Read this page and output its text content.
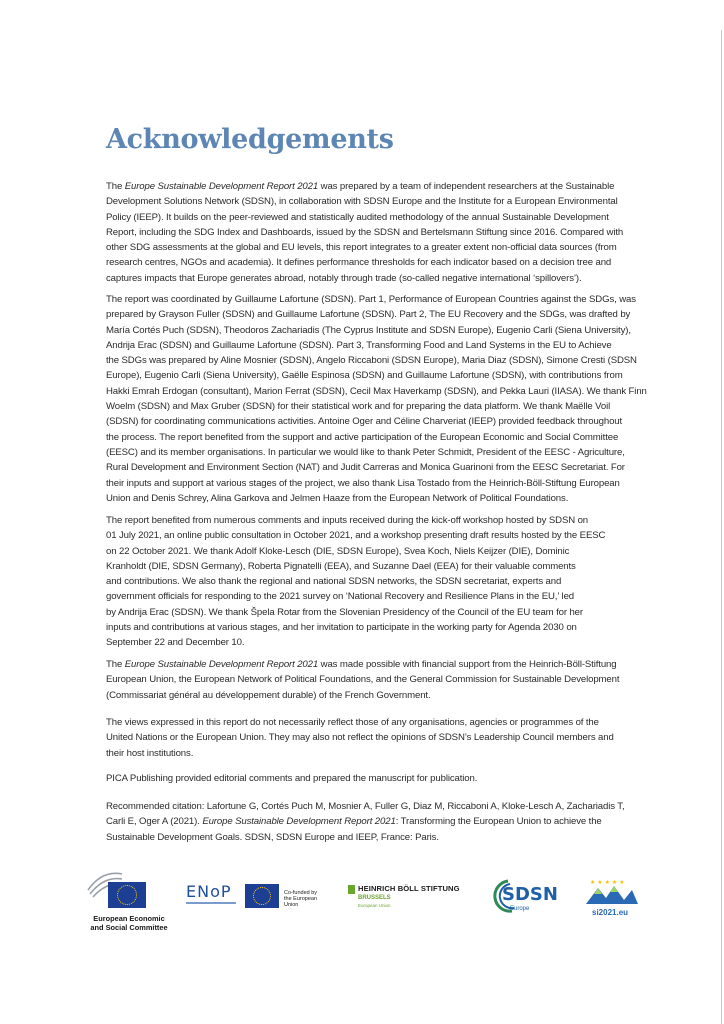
Acknowledgements
The Europe Sustainable Development Report 2021 was prepared by a team of independent researchers at the Sustainable
Development Solutions Network (SDSN), in collaboration with SDSN Europe and the Institute for a European Environmental
Policy (IEEP). It builds on the peer-reviewed and statistically audited methodology of the annual Sustainable Development
Report, including the SDG Index and Dashboards, issued by the SDSN and Bertelsmann Stiftung since 2016. Compared with
other SDG assessments at the global and EU levels, this report integrates to a greater extent non-official data sources (from
research centres, NGOs and academia). It defines performance thresholds for each indicator based on a decision tree and
captures impacts that Europe generates abroad, notably through trade (so-called negative international ‘spillovers’).
The report was coordinated by Guillaume Lafortune (SDSN). Part 1, Performance of European Countries against the SDGs, was
prepared by Grayson Fuller (SDSN) and Guillaume Lafortune (SDSN). Part 2, The EU Recovery and the SDGs, was drafted by
María Cortés Puch (SDSN), Theodoros Zachariadis (The Cyprus Institute and SDSN Europe), Eugenio Carli (Siena University),
Andrija Erac (SDSN) and Guillaume Lafortune (SDSN). Part 3, Transforming Food and Land Systems in the EU to Achieve
the SDGs was prepared by Aline Mosnier (SDSN), Angelo Riccaboni (SDSN Europe), Maria Diaz (SDSN), Simone Cresti (SDSN
Europe), Eugenio Carli (Siena University), Gaëlle Espinosa (SDSN) and Guillaume Lafortune (SDSN), with contributions from
Hakki Emrah Erdogan (consultant), Marion Ferrat (SDSN), Cecil Max Haverkamp (SDSN), and Pekka Lauri (IIASA). We thank Finn
Woelm (SDSN) and Max Gruber (SDSN) for their statistical work and for preparing the data platform. We thank Maëlle Voil
(SDSN) for coordinating communications activities. Antoine Oger and Céline Charveriat (IEEP) provided feedback throughout
the process. The report benefited from the support and active participation of the European Economic and Social Committee
(EESC) and its member organisations. In particular we would like to thank Peter Schmidt, President of the EESC - Agriculture,
Rural Development and Environment Section (NAT) and Judit Carreras and Monica Guarinoni from the EESC Secretariat. For
their inputs and support at various stages of the project, we also thank Lisa Tostado from the Heinrich-Böll-Stiftung European
Union and Denis Schrey, Alina Garkova and Jelmen Haaze from the European Network of Political Foundations.
The report benefited from numerous comments and inputs received during the kick-off workshop hosted by SDSN on
01 July 2021, an online public consultation in October 2021, and a workshop presenting draft results hosted by the EESC
on 22 October 2021. We thank Adolf Kloke-Lesch (DIE, SDSN Europe), Svea Koch, Niels Keijzer (DIE), Dominic
Kranholdt (DIE, SDSN Germany), Roberta Pignatelli (EEA), and Suzanne Dael (EEA) for their valuable comments
and contributions. We also thank the regional and national SDSN networks, the SDSN secretariat, experts and
government officials for responding to the 2021 survey on ‘National Recovery and Resilience Plans in the EU,’ led
by Andrija Erac (SDSN). We thank Špela Rotar from the Slovenian Presidency of the Council of the EU team for her
inputs and contributions at various stages, and her invitation to participate in the working party for Agenda 2030 on
September 22 and December 10.
The Europe Sustainable Development Report 2021 was made possible with financial support from the Heinrich-Böll-Stiftung
European Union, the European Network of Political Foundations, and the General Commission for Sustainable Development
(Commissariat général au développement durable) of the French Government.
The views expressed in this report do not necessarily reflect those of any organisations, agencies or programmes of the
United Nations or the European Union. They may also not reflect the opinions of SDSN’s Leadership Council members and
their host institutions.
PICA Publishing provided editorial comments and prepared the manuscript for publication.
Recommended citation: Lafortune G, Cortés Puch M, Mosnier A, Fuller G, Diaz M, Riccaboni A, Kloke-Lesch A, Zachariadis T,
Carli E, Oger A (2021). Europe Sustainable Development Report 2021: Transforming the European Union to achieve the
Sustainable Development Goals. SDSN, SDSN Europe and IEEP, France: Paris.
European Economic
and Social Committee
ENoP	Co-funded by
the European Union
HEINRICH BÖLL STIFTUNG
BRUSSELS
European Union
SDSN
Europe
★ ★ ★ ★ ★
si2021.eu
